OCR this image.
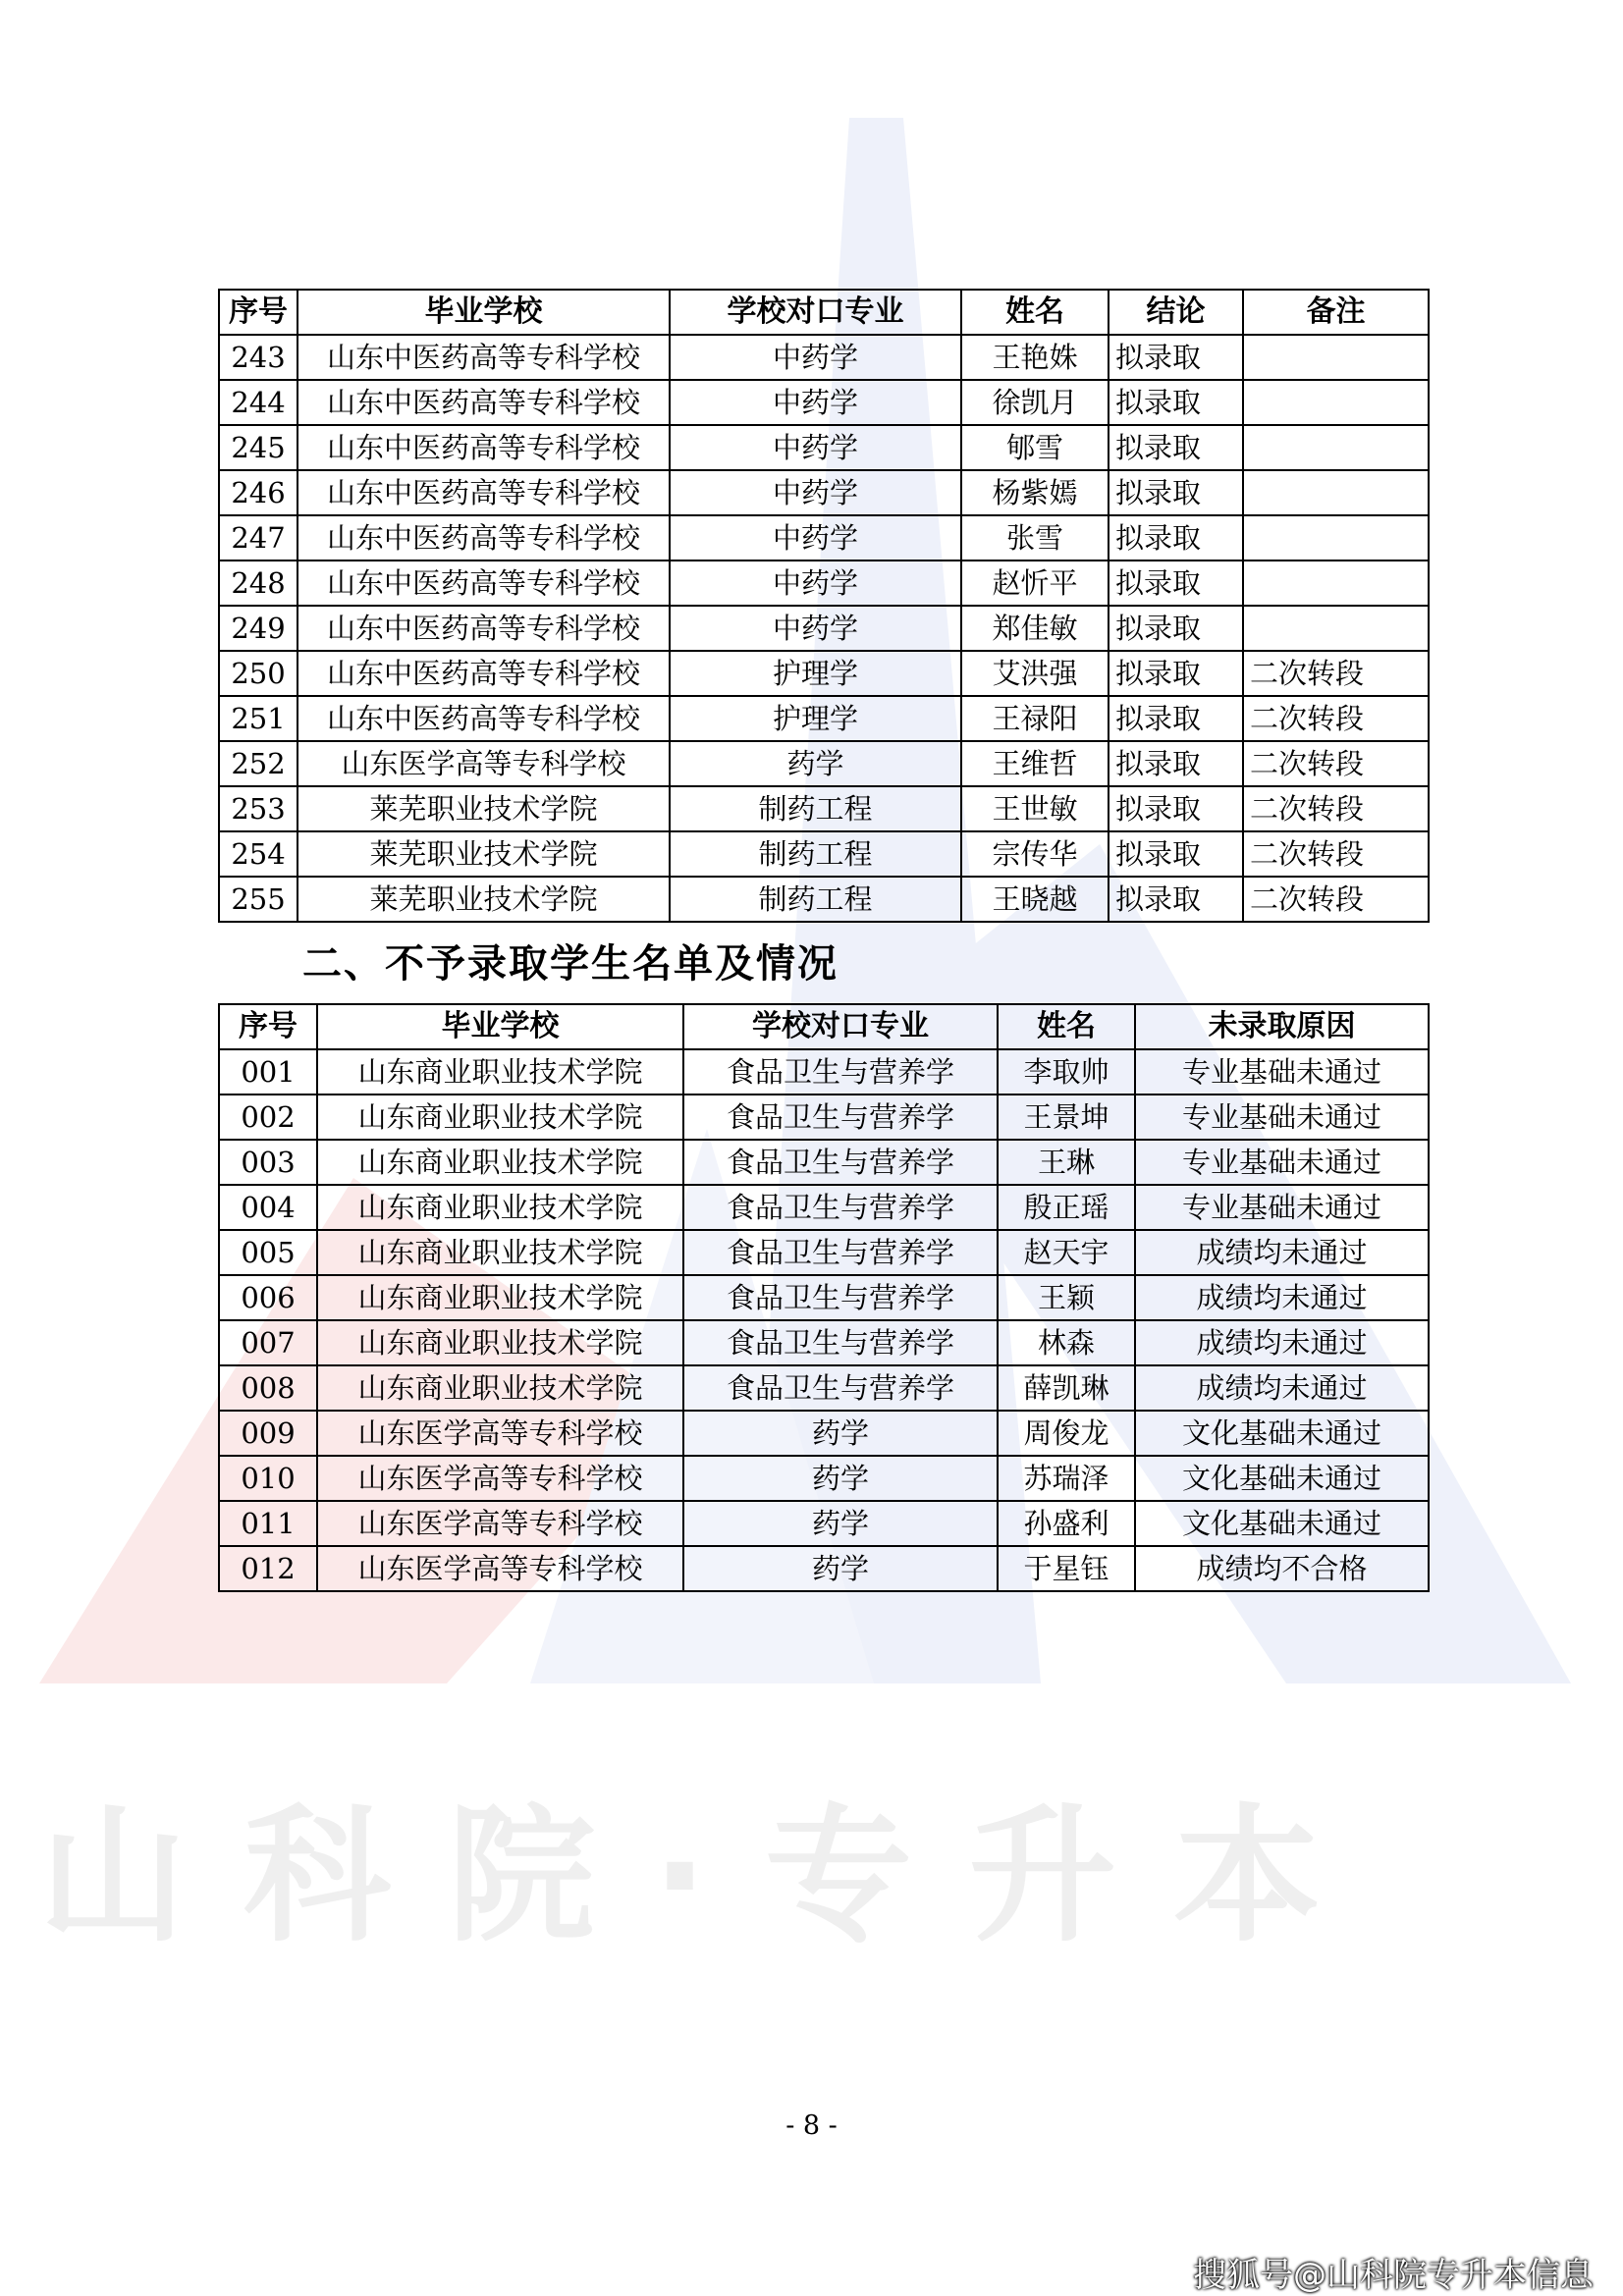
山科院·专升本
序号	毕业学校	学校对口专业	姓名	结论	备注
243	山东中医药高等专科学校	中药学	王艳姝	拟录取	
244	山东中医药高等专科学校	中药学	徐凯月	拟录取	
245	山东中医药高等专科学校	中药学	郇雪	拟录取	
246	山东中医药高等专科学校	中药学	杨紫嫣	拟录取	
247	山东中医药高等专科学校	中药学	张雪	拟录取	
248	山东中医药高等专科学校	中药学	赵忻平	拟录取	
249	山东中医药高等专科学校	中药学	郑佳敏	拟录取	
250	山东中医药高等专科学校	护理学	艾洪强	拟录取	二次转段
251	山东中医药高等专科学校	护理学	王禄阳	拟录取	二次转段
252	山东医学高等专科学校	药学	王维哲	拟录取	二次转段
253	莱芜职业技术学院	制药工程	王世敏	拟录取	二次转段
254	莱芜职业技术学院	制药工程	宗传华	拟录取	二次转段
255	莱芜职业技术学院	制药工程	王晓越	拟录取	二次转段
二、不予录取学生名单及情况
序号	毕业学校	学校对口专业	姓名	未录取原因
001	山东商业职业技术学院	食品卫生与营养学	李取帅	专业基础未通过
002	山东商业职业技术学院	食品卫生与营养学	王景坤	专业基础未通过
003	山东商业职业技术学院	食品卫生与营养学	王琳	专业基础未通过
004	山东商业职业技术学院	食品卫生与营养学	殷正瑶	专业基础未通过
005	山东商业职业技术学院	食品卫生与营养学	赵天宇	成绩均未通过
006	山东商业职业技术学院	食品卫生与营养学	王颖	成绩均未通过
007	山东商业职业技术学院	食品卫生与营养学	林森	成绩均未通过
008	山东商业职业技术学院	食品卫生与营养学	薛凯琳	成绩均未通过
009	山东医学高等专科学校	药学	周俊龙	文化基础未通过
010	山东医学高等专科学校	药学	苏瑞泽	文化基础未通过
011	山东医学高等专科学校	药学	孙盛利	文化基础未通过
012	山东医学高等专科学校	药学	于星钰	成绩均不合格
- 8 -
搜狐号@山科院专升本信息
